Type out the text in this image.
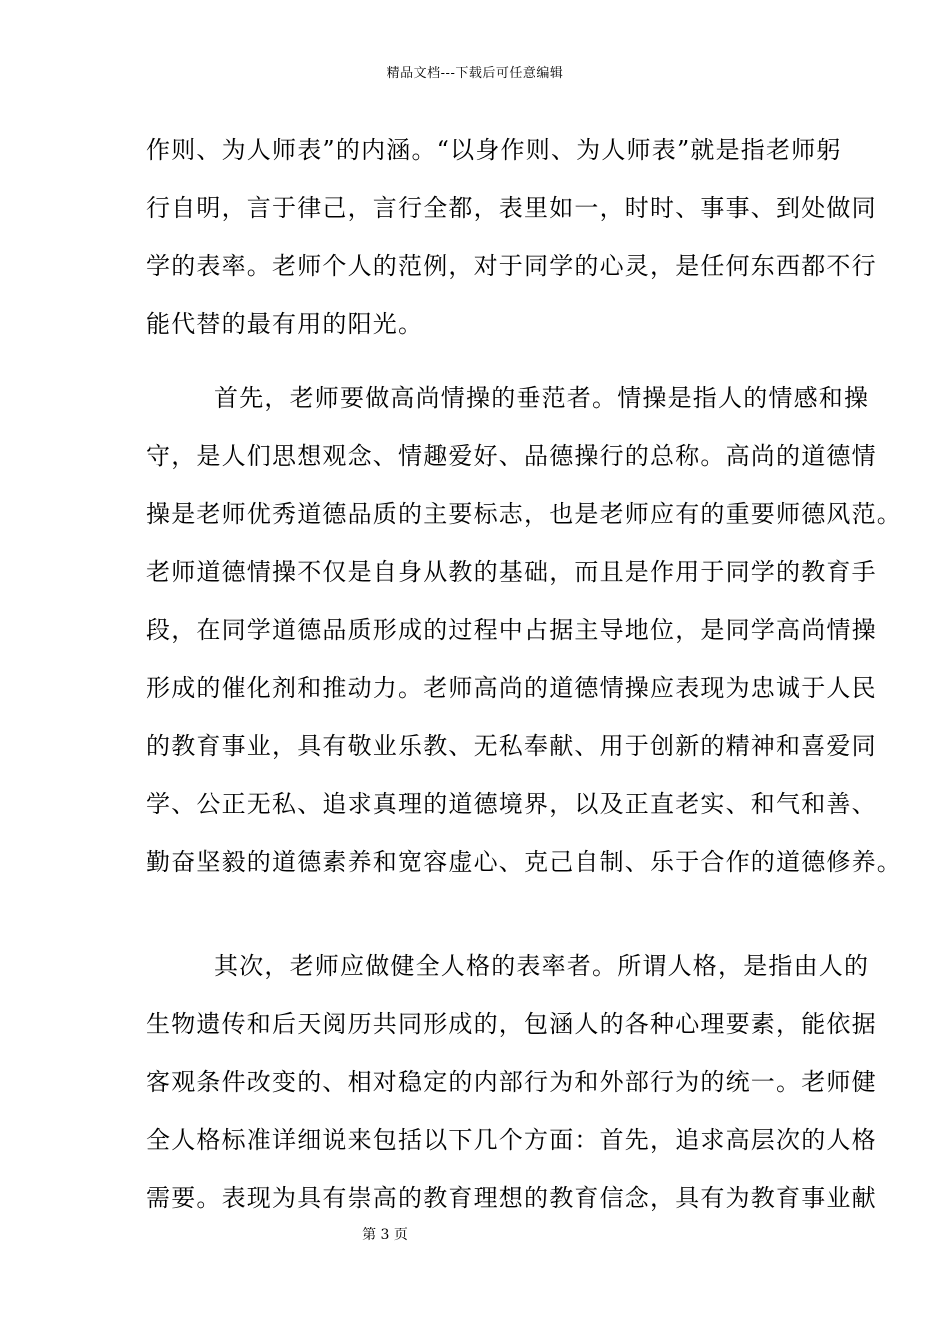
精品文档---下载后可任意编辑
作则、为人师表”的内涵。“以身作则、为人师表”就是指老师躬
行自明，言于律己，言行全都，表里如一，时时、事事、到处做同
学的表率。老师个人的范例，对于同学的心灵，是任何东西都不行
能代替的最有用的阳光。
首先，老师要做高尚情操的垂范者。情操是指人的情感和操
守，是人们思想观念、情趣爱好、品德操行的总称。高尚的道德情
操是老师优秀道德品质的主要标志，也是老师应有的重要师德风范。
老师道德情操不仅是自身从教的基础，而且是作用于同学的教育手
段，在同学道德品质形成的过程中占据主导地位，是同学高尚情操
形成的催化剂和推动力。老师高尚的道德情操应表现为忠诚于人民
的教育事业，具有敬业乐教、无私奉献、用于创新的精神和喜爱同
学、公正无私、追求真理的道德境界，以及正直老实、和气和善、
勤奋坚毅的道德素养和宽容虚心、克己自制、乐于合作的道德修养。
其次，老师应做健全人格的表率者。所谓人格，是指由人的
生物遗传和后天阅历共同形成的，包涵人的各种心理要素，能依据
客观条件改变的、相对稳定的内部行为和外部行为的统一。老师健
全人格标准详细说来包括以下几个方面：首先，追求高层次的人格
需要。表现为具有崇高的教育理想的教育信念，具有为教育事业献
第 3 页
